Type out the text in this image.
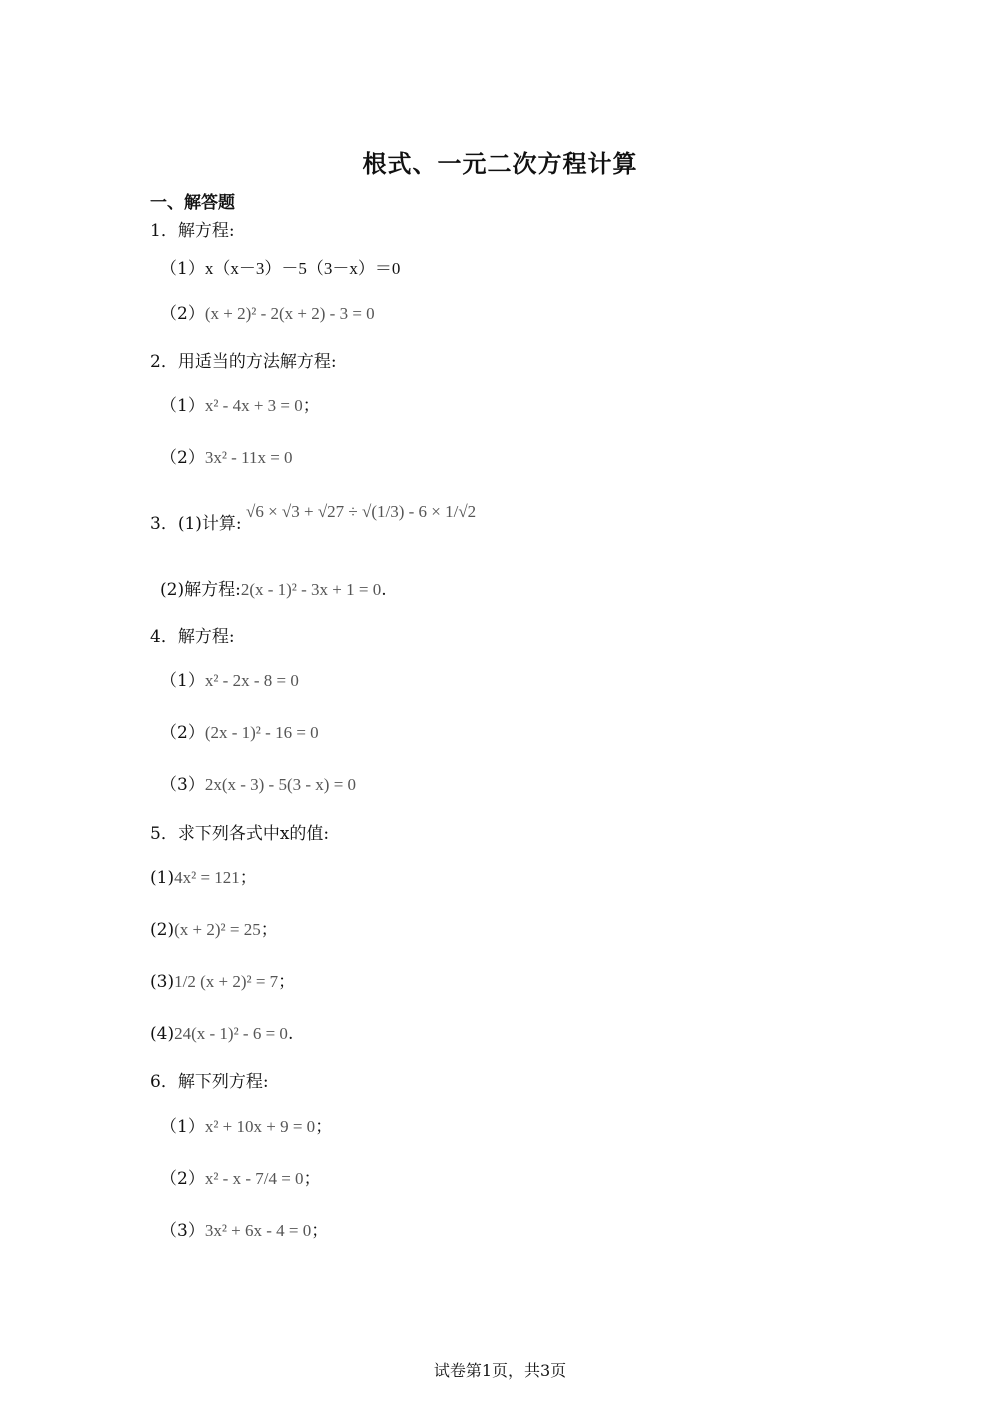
根式、一元二次方程计算
一、解答题
1．解方程:
（1）x（x－3）－5（3－x）＝0
（2）(x + 2)² - 2(x + 2) - 3 = 0
2．用适当的方法解方程:
（1）x² - 4x + 3 = 0；
（2）3x² - 11x = 0
3．(1)计算:
√6 × √3 + √27 ÷ √(1/3) - 6 × 1/√2
(2)解方程:2(x - 1)² - 3x + 1 = 0.
4．解方程:
（1）x² - 2x - 8 = 0
（2）(2x - 1)² - 16 = 0
（3）2x(x - 3) - 5(3 - x) = 0
5．求下列各式中x的值:
(1)4x² = 121；
(2)(x + 2)² = 25；
(3)1/2 (x + 2)² = 7；
(4)24(x - 1)² - 6 = 0.
6．解下列方程:
（1）x² + 10x + 9 = 0；
（2）x² - x - 7/4 = 0；
（3）3x² + 6x - 4 = 0；
试卷第1页，共3页
